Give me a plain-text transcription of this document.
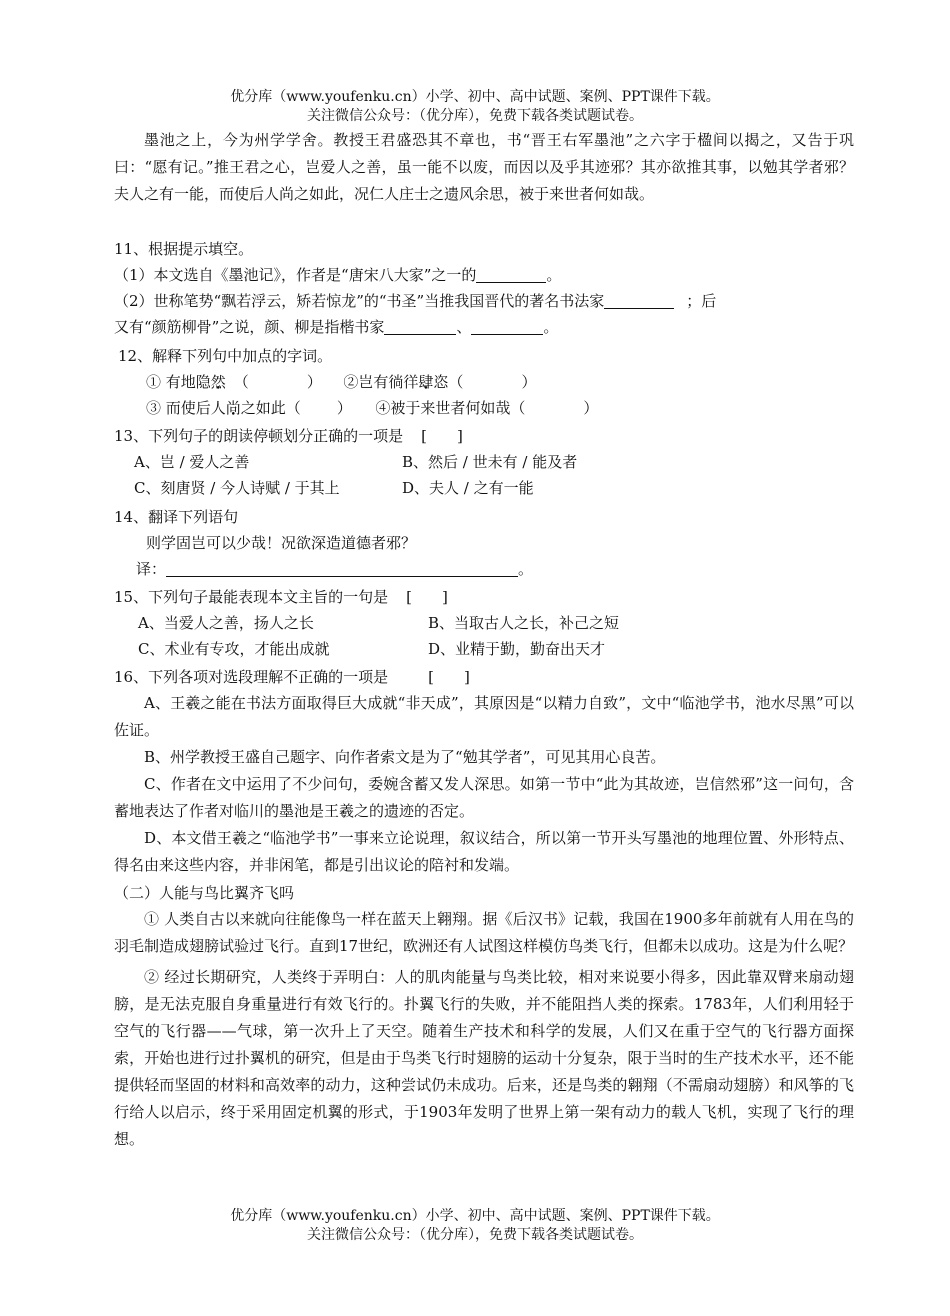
优分库（www.youfenku.cn）小学、初中、高中试题、案例、PPT课件下载。
关注微信公众号：（优分库），免费下载各类试题试卷。

墨池之上，今为州学学舍。教授王君盛恐其不章也，书“晋王右军墨池”之六字于楹间以揭之，又告于巩曰：“愿有记。”推王君之心，岂爱人之善，虽一能不以废，而因以及乎其迹邪？其亦欲推其事，以勉其学者邪？夫人之有一能，而使后人尚之如此，况仁人庄士之遗风余思，被于来世者何如哉。

11、根据提示填空。
（1）本文选自《墨池记》，作者是“唐宋八大家”之一的	。
（2）世称笔势“飘若浮云，矫若惊龙”的“书圣”当推我国晋代的著名书法家	；后
又有“颜筋柳骨”之说，颜、柳是指楷书家	、	。
12、解释下列句中加点的字词。
① 有地隐然 （	） ②岂有徜徉肆恣（	）
③ 而使后人尚之如此（ ） ④被于来世者何如哉（	）
13、下列句子的朗读停顿划分正确的一项是 [　　]
A、岂 / 爱人之善	B、然后 / 世未有 / 能及者
C、刻唐贤 / 今人诗赋 / 于其上	D、夫人 / 之有一能
14、翻译下列语句
则学固岂可以少哉！况欲深造道德者邪？
译：	。
15、下列句子最能表现本文主旨的一句是 [　　]
A、当爱人之善，扬人之长	B、当取古人之长，补己之短
C、术业有专攻，才能出成就	D、业精于勤，勤奋出天才
16、下列各项对选段理解不正确的一项是	[　　]

A、王羲之能在书法方面取得巨大成就“非天成”，其原因是“以精力自致”，文中“临池学书，池水尽黑”可以佐证。

B、州学教授王盛自己题字、向作者索文是为了“勉其学者”，可见其用心良苦。

C、作者在文中运用了不少问句，委婉含蓄又发人深思。如第一节中“此为其故迹，岂信然邪”这一问句，含蓄地表达了作者对临川的墨池是王羲之的遗迹的否定。

D、本文借王羲之“临池学书”一事来立论说理，叙议结合，所以第一节开头写墨池的地理位置、外形特点、得名由来这些内容，并非闲笔，都是引出议论的陪衬和发端。

（二）人能与鸟比翼齐飞吗

① 人类自古以来就向往能像鸟一样在蓝天上翱翔。据《后汉书》记载，我国在1900多年前就有人用在鸟的羽毛制造成翅膀试验过飞行。直到17世纪，欧洲还有人试图这样模仿鸟类飞行，但都未以成功。这是为什么呢？

② 经过长期研究，人类终于弄明白：人的肌肉能量与鸟类比较，相对来说要小得多，因此靠双臂来扇动翅膀，是无法克服自身重量进行有效飞行的。扑翼飞行的失败，并不能阻挡人类的探索。1783年，人们利用轻于空气的飞行器——气球，第一次升上了天空。随着生产技术和科学的发展，人们又在重于空气的飞行器方面探索，开始也进行过扑翼机的研究，但是由于鸟类飞行时翅膀的运动十分复杂，限于当时的生产技术水平，还不能提供轻而坚固的材料和高效率的动力，这种尝试仍未成功。后来，还是鸟类的翱翔（不需扇动翅膀）和风筝的飞行给人以启示，终于采用固定机翼的形式，于1903年发明了世界上第一架有动力的载人飞机，实现了飞行的理想。

优分库（www.youfenku.cn）小学、初中、高中试题、案例、PPT课件下载。
关注微信公众号：（优分库），免费下载各类试题试卷。
